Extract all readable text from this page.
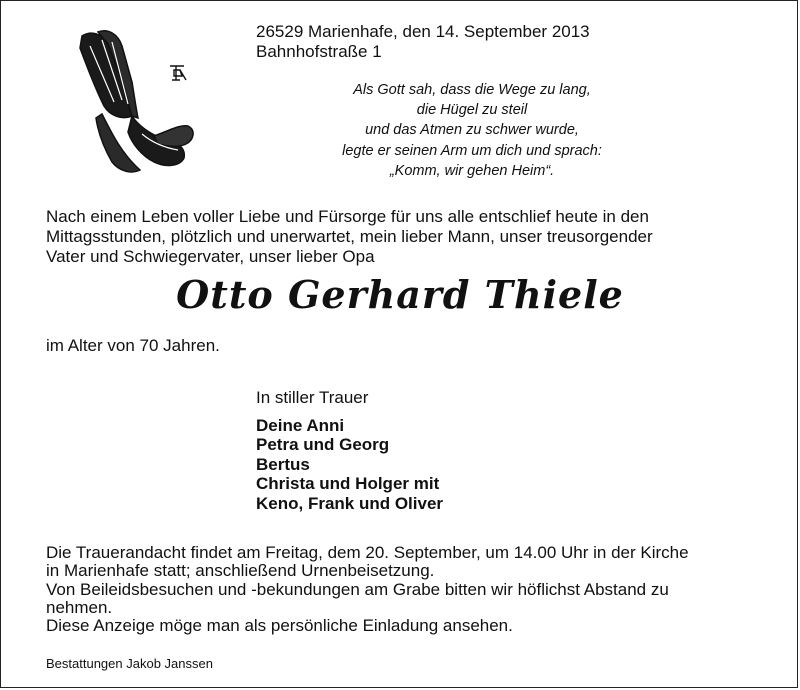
26529 Marienhafe, den 14. September 2013
Bahnhofstraße 1
Als Gott sah, dass die Wege zu lang,
die Hügel zu steil
und das Atmen zu schwer wurde,
legte er seinen Arm um dich und sprach:
„Komm, wir gehen Heim“.
Nach einem Leben voller Liebe und Fürsorge für uns alle entschlief heute in den
Mittagsstunden, plötzlich und unerwartet, mein lieber Mann, unser treusorgender
Vater und Schwiegervater, unser lieber Opa
Otto Gerhard Thiele
im Alter von 70 Jahren.
In stiller Trauer
Deine Anni
Petra und Georg
Bertus
Christa und Holger mit
Keno, Frank und Oliver
Die Trauerandacht findet am Freitag, dem 20. September, um 14.00 Uhr in der Kirche
in Marienhafe statt; anschließend Urnenbeisetzung.
Von Beileidsbesuchen und -bekundungen am Grabe bitten wir höflichst Abstand zu
nehmen.
Diese Anzeige möge man als persönliche Einladung ansehen.
Bestattungen Jakob Janssen
